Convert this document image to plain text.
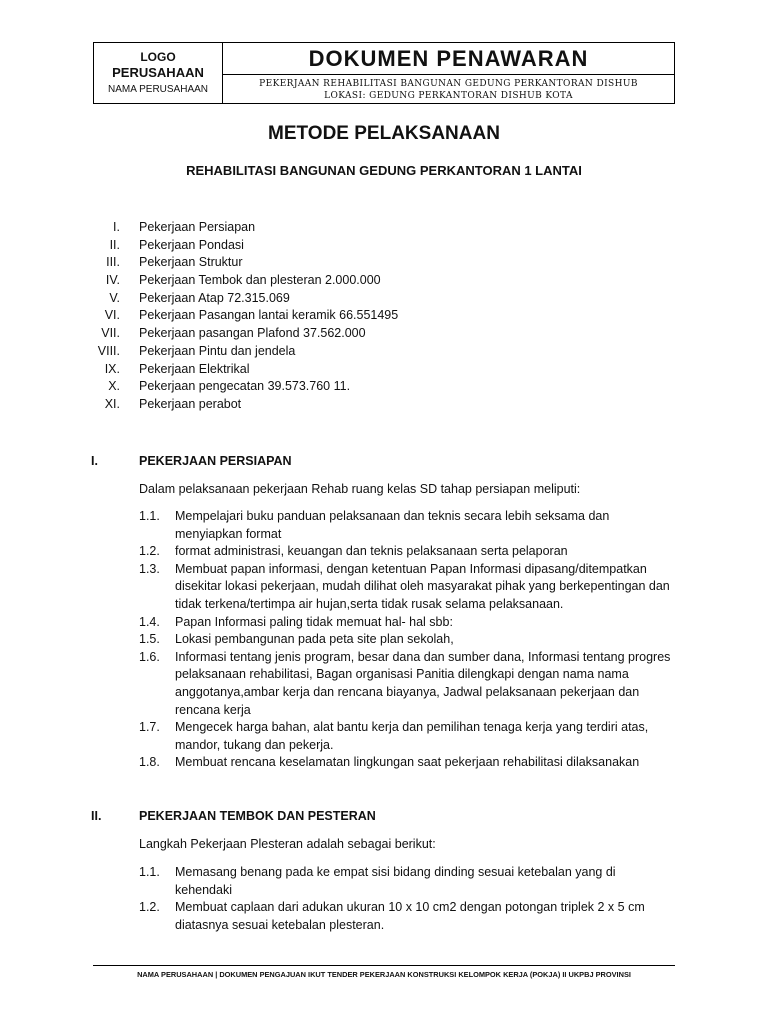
LOGO
PERUSAHAAN
NAMA PERUSAHAAN
DOKUMEN PENAWARAN
PEKERJAAN REHABILITASI BANGUNAN GEDUNG PERKANTORAN DISHUB
LOKASI: GEDUNG PERKANTORAN DISHUB KOTA
METODE PELAKSANAAN
REHABILITASI BANGUNAN GEDUNG PERKANTORAN 1 LANTAI
I. Pekerjaan Persiapan
II. Pekerjaan Pondasi
III. Pekerjaan Struktur
IV. Pekerjaan Tembok dan plesteran 2.000.000
V. Pekerjaan Atap 72.315.069
VI. Pekerjaan Pasangan lantai keramik 66.551495
VII. Pekerjaan pasangan Plafond 37.562.000
VIII. Pekerjaan Pintu dan jendela
IX. Pekerjaan Elektrikal
X. Pekerjaan pengecatan 39.573.760 11.
XI. Pekerjaan perabot
I.	PEKERJAAN PERSIAPAN
Dalam pelaksanaan pekerjaan Rehab ruang kelas SD tahap persiapan meliputi:
1.1. Mempelajari buku panduan pelaksanaan dan teknis secara lebih seksama dan menyiapkan format
1.2. format administrasi, keuangan dan teknis pelaksanaan serta pelaporan
1.3. Membuat papan informasi, dengan ketentuan Papan Informasi dipasang/ditempatkan disekitar lokasi pekerjaan, mudah dilihat oleh masyarakat pihak yang berkepentingan dan tidak terkena/tertimpa air hujan,serta tidak rusak selama pelaksanaan.
1.4. Papan Informasi paling tidak memuat hal- hal sbb:
1.5. Lokasi pembangunan pada peta site plan sekolah,
1.6. Informasi tentang jenis program, besar dana dan sumber dana, Informasi tentang progres pelaksanaan rehabilitasi, Bagan organisasi Panitia dilengkapi dengan nama nama anggotanya,ambar kerja dan rencana biayanya, Jadwal pelaksanaan pekerjaan dan rencana kerja
1.7. Mengecek harga bahan, alat bantu kerja dan pemilihan tenaga kerja yang terdiri atas, mandor, tukang dan pekerja.
1.8. Membuat rencana keselamatan lingkungan saat pekerjaan rehabilitasi dilaksanakan
II.	PEKERJAAN TEMBOK DAN PESTERAN
Langkah Pekerjaan Plesteran adalah sebagai berikut:
1.1. Memasang benang pada ke empat sisi bidang dinding sesuai ketebalan yang di kehendaki
1.2. Membuat caplaan dari adukan ukuran 10 x 10 cm2 dengan potongan triplek 2 x 5 cm diatasnya sesuai ketebalan plesteran.
NAMA PERUSAHAAN | DOKUMEN PENGAJUAN IKUT TENDER PEKERJAAN KONSTRUKSI KELOMPOK KERJA (POKJA) II UKPBJ PROVINSI
